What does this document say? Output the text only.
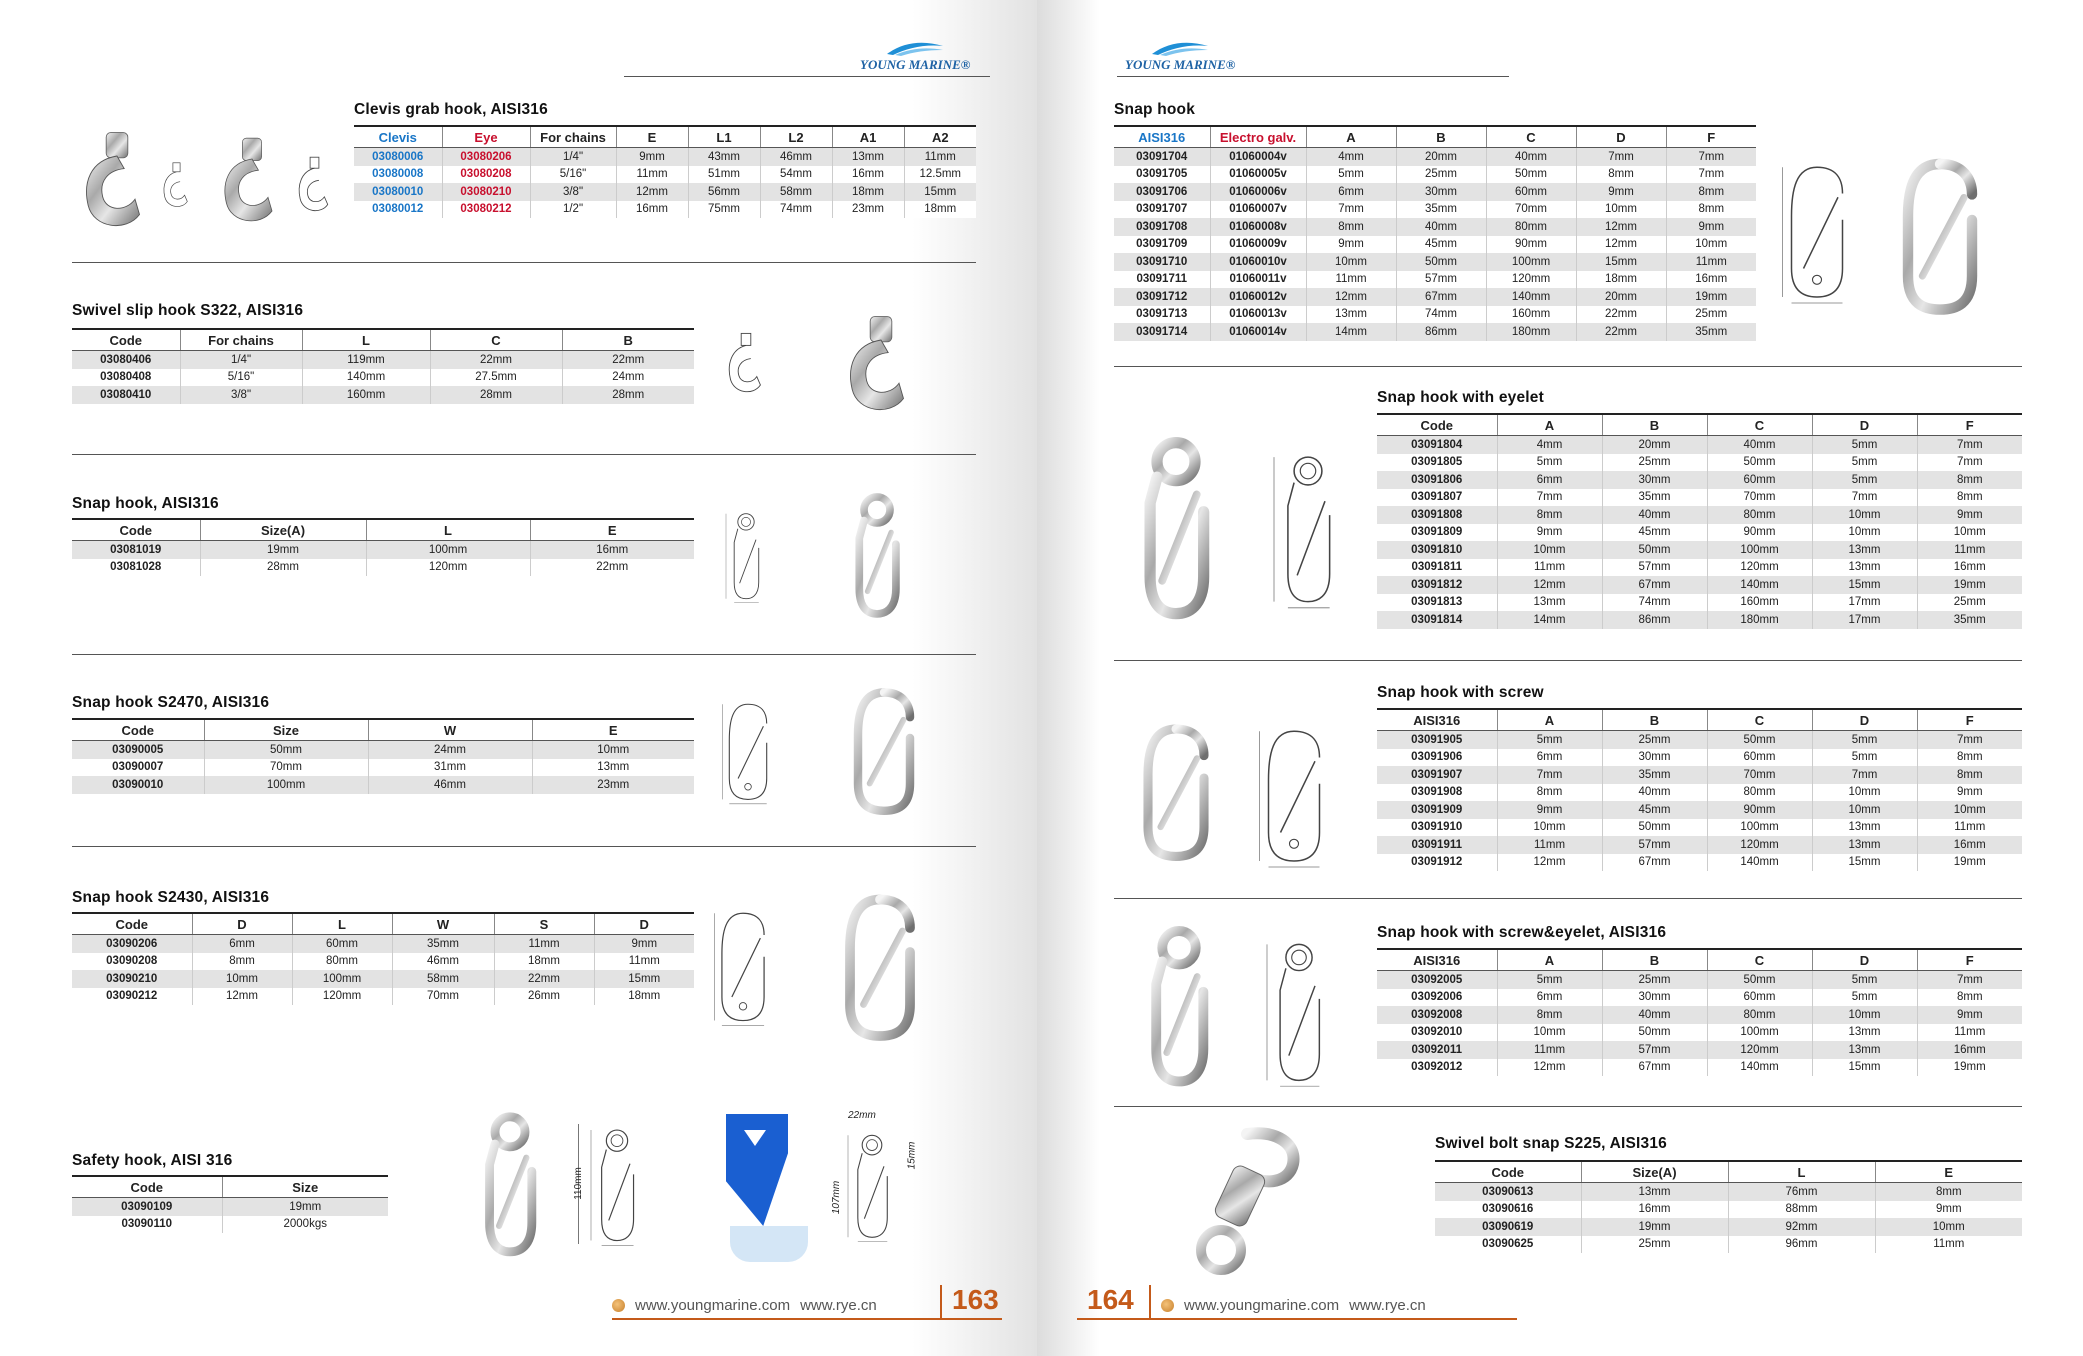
YOUNG MARINE®
Clevis grab hook, AISI316
Clevis	Eye	For chains	E	L1	L2	A1	A2
03080006	03080206	1/4"	9mm	43mm	46mm	13mm	11mm
03080008	03080208	5/16"	11mm	51mm	54mm	16mm	12.5mm
03080010	03080210	3/8"	12mm	56mm	58mm	18mm	15mm
03080012	03080212	1/2"	16mm	75mm	74mm	23mm	18mm
Swivel slip hook S322, AISI316
Code	For chains	L	C	B
03080406	1/4"	119mm	22mm	22mm
03080408	5/16"	140mm	27.5mm	24mm
03080410	3/8"	160mm	28mm	28mm
Snap hook, AISI316
Code	Size(A)	L	E
03081019	19mm	100mm	16mm
03081028	28mm	120mm	22mm
Snap hook S2470, AISI316
Code	Size	W	E
03090005	50mm	24mm	10mm
03090007	70mm	31mm	13mm
03090010	100mm	46mm	23mm
Snap hook S2430, AISI316
Code	D	L	W	S	D
03090206	6mm	60mm	35mm	11mm	9mm
03090208	8mm	80mm	46mm	18mm	11mm
03090210	10mm	100mm	58mm	22mm	15mm
03090212	12mm	120mm	70mm	26mm	18mm
Safety hook, AISI 316
Code	Size
03090109	19mm
03090110	2000kgs
110mm
22mm
15mm
107mm
www.youngmarine.com www.rye.cn	163
YOUNG MARINE®
Snap hook
AISI316	Electro galv.	A	B	C	D	F
03091704	01060004v	4mm	20mm	40mm	7mm	7mm
03091705	01060005v	5mm	25mm	50mm	8mm	7mm
03091706	01060006v	6mm	30mm	60mm	9mm	8mm
03091707	01060007v	7mm	35mm	70mm	10mm	8mm
03091708	01060008v	8mm	40mm	80mm	12mm	9mm
03091709	01060009v	9mm	45mm	90mm	12mm	10mm
03091710	01060010v	10mm	50mm	100mm	15mm	11mm
03091711	01060011v	11mm	57mm	120mm	18mm	16mm
03091712	01060012v	12mm	67mm	140mm	20mm	19mm
03091713	01060013v	13mm	74mm	160mm	22mm	25mm
03091714	01060014v	14mm	86mm	180mm	22mm	35mm
Snap hook with eyelet
Code	A	B	C	D	F
03091804	4mm	20mm	40mm	5mm	7mm
03091805	5mm	25mm	50mm	5mm	7mm
03091806	6mm	30mm	60mm	5mm	8mm
03091807	7mm	35mm	70mm	7mm	8mm
03091808	8mm	40mm	80mm	10mm	9mm
03091809	9mm	45mm	90mm	10mm	10mm
03091810	10mm	50mm	100mm	13mm	11mm
03091811	11mm	57mm	120mm	13mm	16mm
03091812	12mm	67mm	140mm	15mm	19mm
03091813	13mm	74mm	160mm	17mm	25mm
03091814	14mm	86mm	180mm	17mm	35mm
Snap hook with screw
AISI316	A	B	C	D	F
03091905	5mm	25mm	50mm	5mm	7mm
03091906	6mm	30mm	60mm	5mm	8mm
03091907	7mm	35mm	70mm	7mm	8mm
03091908	8mm	40mm	80mm	10mm	9mm
03091909	9mm	45mm	90mm	10mm	10mm
03091910	10mm	50mm	100mm	13mm	11mm
03091911	11mm	57mm	120mm	13mm	16mm
03091912	12mm	67mm	140mm	15mm	19mm
Snap hook with screw&eyelet, AISI316
AISI316	A	B	C	D	F
03092005	5mm	25mm	50mm	5mm	7mm
03092006	6mm	30mm	60mm	5mm	8mm
03092008	8mm	40mm	80mm	10mm	9mm
03092010	10mm	50mm	100mm	13mm	11mm
03092011	11mm	57mm	120mm	13mm	16mm
03092012	12mm	67mm	140mm	15mm	19mm
Swivel bolt snap S225, AISI316
Code	Size(A)	L	E
03090613	13mm	76mm	8mm
03090616	16mm	88mm	9mm
03090619	19mm	92mm	10mm
03090625	25mm	96mm	11mm
164	www.youngmarine.com www.rye.cn
